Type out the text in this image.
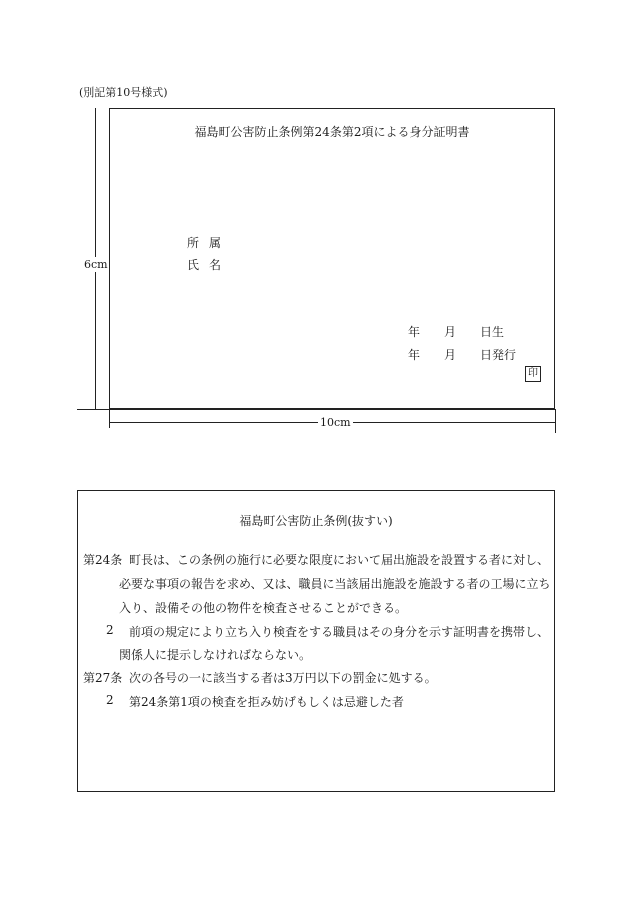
(別記第10号様式)
6cm
10cm
福島町公害防止条例第24条第2項による身分証明書
所 属
氏 名
年 月 日生
年 月 日発行
印
福島町公害防止条例(抜すい)
第24条 町長は、この条例の施行に必要な限度において届出施設を設置する者に対し、
必要な事項の報告を求め、又は、職員に当該届出施設を施設する者の工場に立ち
入り、設備その他の物件を検査させることができる。
2 前項の規定により立ち入り検査をする職員はその身分を示す証明書を携帯し、
関係人に提示しなければならない。
第27条 次の各号の一に該当する者は3万円以下の罰金に処する。
2 第24条第1項の検査を拒み妨げもしくは忌避した者
